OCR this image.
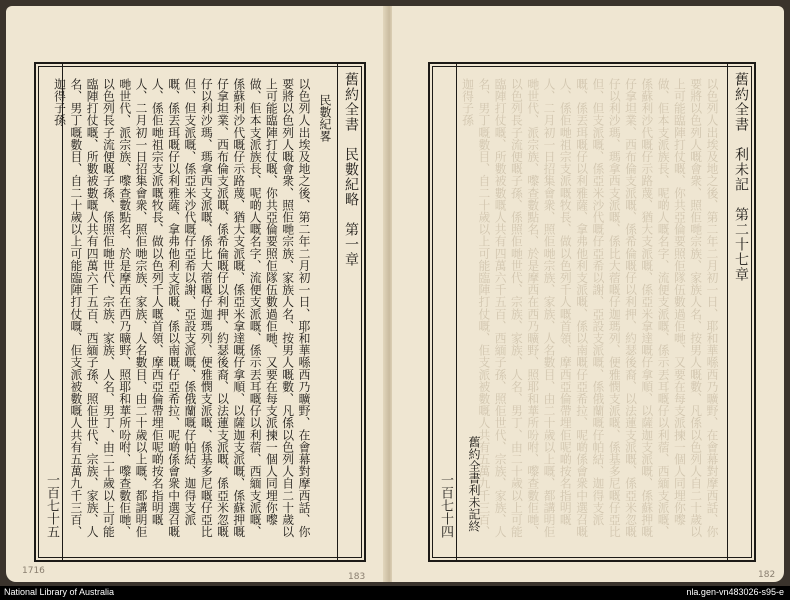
舊約全書　民數紀略　第一章
民數紀畧
以色列人出埃及地之後、第二年二月初一日、耶和華喺西乃曠野、在會幕對摩西話、你要將以色列人嘅會衆、照佢哋宗族、家族人名、按男人嘅數、凡係以色列人自二十歲以上可能臨陣打仗嘅、你共亞倫要照佢隊伍數過佢哋、又要在每支派揀一個人同埋你嚟做、佢本支派族長、呢啲人嘅名字、流便支派嘅、係示丟耳嘅仔以利蓿、西緬支派嘅、係蘇利沙代嘅仔示路蔑、猶大支派嘅、係亞米拿達嘅仔拿順、以薩迦支派嘅、係蘇押嘅仔拿坦業、西布倫支派嘅、係希倫嘅仔以利押、約瑟後裔、以法蓮支派嘅、係亞米忽嘅仔以利沙瑪、瑪拿西支派嘅、係比大蓿嘅仔迦瑪列、便雅憫支派嘅、係基多尼嘅仔亞比但、但支派嘅、係亞米沙代嘅仔亞希以謝、亞設支派嘅、係俄蘭嘅仔帕結、迦得支派嘅、係丟珥嘅仔以利雅薩、拿弗他利支派嘅、係以南嘅仔亞希拉、呢啲係會衆中選召嘅人、係佢哋祖宗支派嘅牧長、做以色列千人嘅首領、摩西亞倫帶埋佢呢啲按名指明嘅人、二月初一日招集會衆、照佢哋宗族、家族、人名數目、由二十歲以上嘅、都講明佢哋世代、派宗族、嚟查數點名、於是摩西在西乃曠野、照耶和華所吩咐、嚟查數佢哋、以色列長子流便嘅子孫、係照佢哋世代、宗族、家族、人名、男丁、由二十歲以上可能臨陣打仗嘅、所數被數嘅人共有四萬六千五百、西緬子孫、照佢世代、宗族、家族、人名、男丁嘅數目、自二十歲以上可能臨陣打仗嘅、佢支派被數嘅人共有五萬九千三百、迦得子孫
一百七十五
1716
183
舊約全書　利未記　第二十七章
以色列人出埃及地之後、第二年二月初一日、耶和華喺西乃曠野、在會幕對摩西話、你要將以色列人嘅會衆、照佢哋宗族、家族人名、按男人嘅數、凡係以色列人自二十歲以上可能臨陣打仗嘅、你共亞倫要照佢隊伍數過佢哋、又要在每支派揀一個人同埋你嚟做、佢本支派族長、呢啲人嘅名字、流便支派嘅、係示丟耳嘅仔以利蓿、西緬支派嘅、係蘇利沙代嘅仔示路蔑、猶大支派嘅、係亞米拿達嘅仔拿順、以薩迦支派嘅、係蘇押嘅仔拿坦業、西布倫支派嘅、係希倫嘅仔以利押、約瑟後裔、以法蓮支派嘅、係亞米忽嘅仔以利沙瑪、瑪拿西支派嘅、係比大蓿嘅仔迦瑪列、便雅憫支派嘅、係基多尼嘅仔亞比但、但支派嘅、係亞米沙代嘅仔亞希以謝、亞設支派嘅、係俄蘭嘅仔帕結、迦得支派嘅、係丟珥嘅仔以利雅薩、拿弗他利支派嘅、係以南嘅仔亞希拉、呢啲係會衆中選召嘅人、係佢哋祖宗支派嘅牧長、做以色列千人嘅首領、摩西亞倫帶埋佢呢啲按名指明嘅人、二月初一日招集會衆、照佢哋宗族、家族、人名數目、由二十歲以上嘅、都講明佢哋世代、派宗族、嚟查數點名、於是摩西在西乃曠野、照耶和華所吩咐、嚟查數佢哋、以色列長子流便嘅子孫、係照佢哋世代、宗族、家族、人名、男丁、由二十歲以上可能臨陣打仗嘅、所數被數嘅人共有四萬六千五百、西緬子孫、照佢世代、宗族、家族、人名、男丁嘅數目、自二十歲以上可能臨陣打仗嘅、佢支派被數嘅人共有五萬九千三百、迦得子孫
舊約全書利未記終
一百七十四
182
National Library of Australia	nla.gen-vn483026-s95-e
